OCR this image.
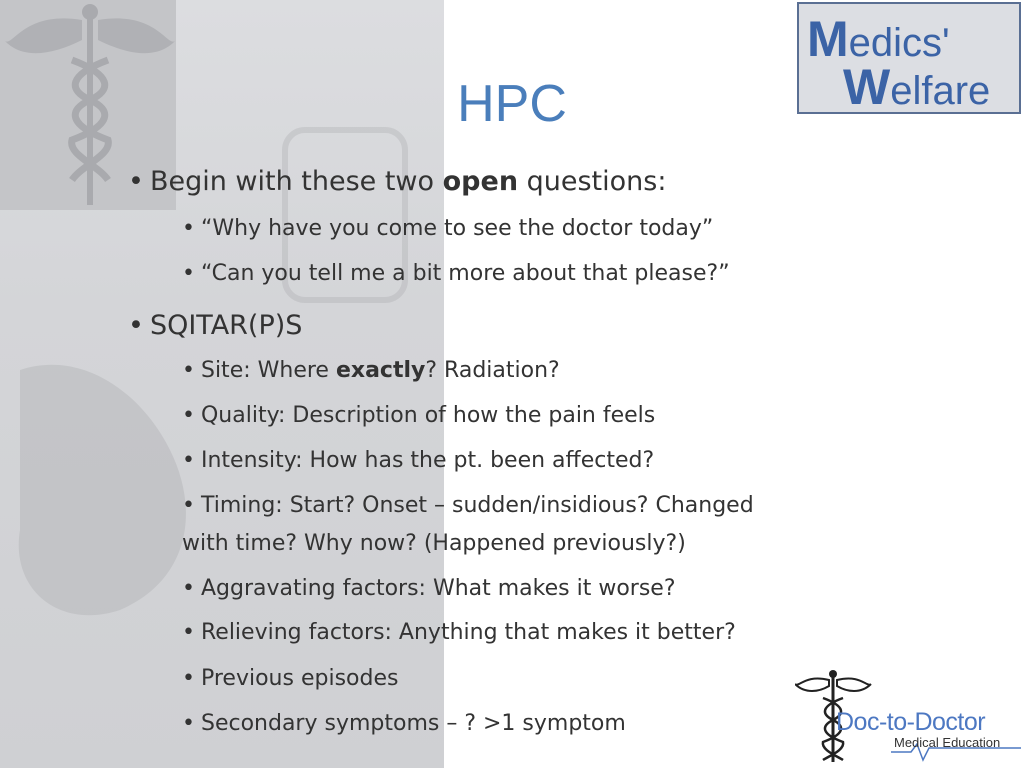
Medics'
Welfare
HPC
• Begin with these two open questions:
• “Why have you come to see the doctor today”
• “Can you tell me a bit more about that please?”
• SQITAR(P)S
• Site: Where exactly? Radiation?
• Quality: Description of how the pain feels
• Intensity: How has the pt. been affected?
• Timing: Start? Onset – sudden/insidious? Changed
with time? Why now? (Happened previously?)
• Aggravating factors: What makes it worse?
• Relieving factors: Anything that makes it better?
• Previous episodes
• Secondary symptoms – ? >1 symptom	Doc-to-Doctor
Medical Education
